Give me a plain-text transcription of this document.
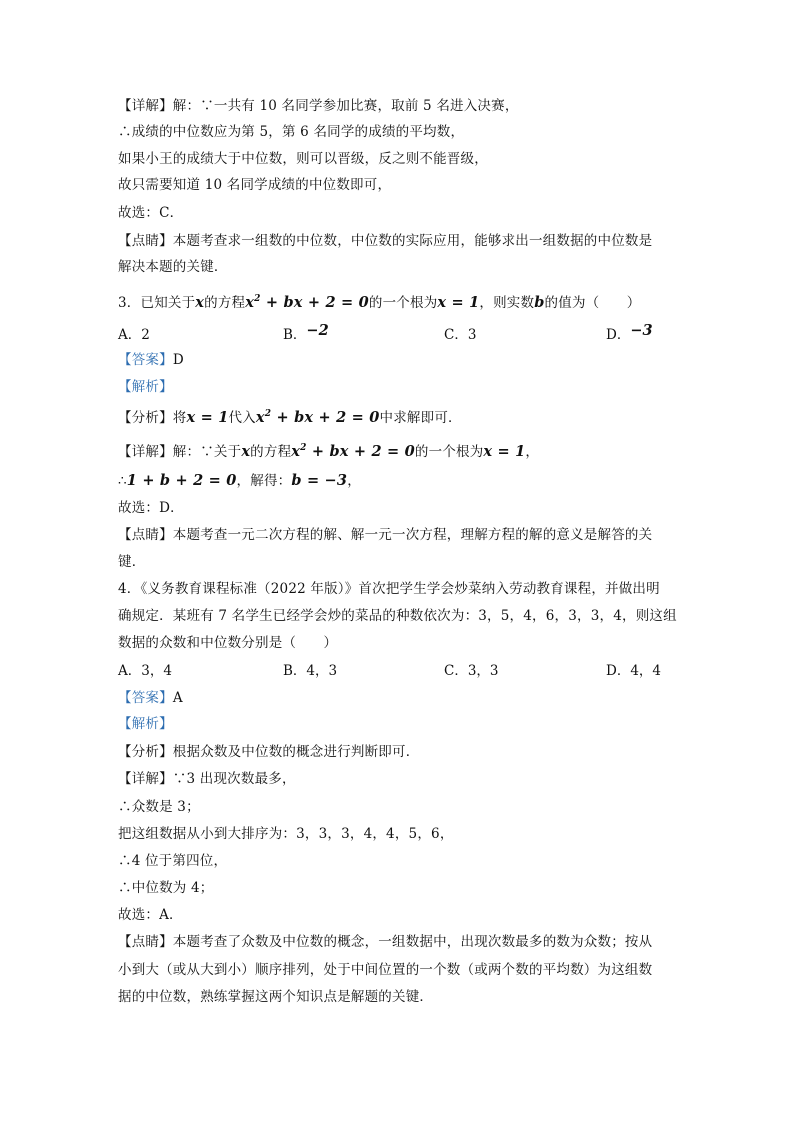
【详解】解：∵一共有 10 名同学参加比赛，取前 5 名进入决赛，
∴成绩的中位数应为第 5，第 6 名同学的成绩的平均数，
如果小王的成绩大于中位数，则可以晋级，反之则不能晋级，
故只需要知道 10 名同学成绩的中位数即可，
故选：C．
【点睛】本题考查求一组数的中位数，中位数的实际应用，能够求出一组数据的中位数是
解决本题的关键．
3．已知关于x的方程$x^2$ + bx + 2 = 0的一个根为x = 1，则实数b的值为（　　）
A．2	B．−2	C．3	D．−3
【答案】D
【解析】
【分析】将x = 1代入$x^2$ + bx + 2 = 0中求解即可．
【详解】解：∵关于x的方程$x^2$ + bx + 2 = 0的一个根为x = 1，
∴1 + b + 2 = 0，解得：b = −3，
故选：D．
【点睛】本题考查一元二次方程的解、解一元一次方程，理解方程的解的意义是解答的关
键．
4．《义务教育课程标准（2022 年版）》首次把学生学会炒菜纳入劳动教育课程，并做出明
确规定．某班有 7 名学生已经学会炒的菜品的种数依次为：3，5，4，6，3，3，4，则这组
数据的众数和中位数分别是（　　）
A．3，4	B．4，3	C．3，3	D．4，4
【答案】A
【解析】
【分析】根据众数及中位数的概念进行判断即可．
【详解】∵3 出现次数最多，
∴众数是 3；
把这组数据从小到大排序为：3，3，3，4，4，5，6，
∴4 位于第四位，
∴中位数为 4；
故选：A．
【点睛】本题考查了众数及中位数的概念，一组数据中，出现次数最多的数为众数；按从
小到大（或从大到小）顺序排列，处于中间位置的一个数（或两个数的平均数）为这组数
据的中位数，熟练掌握这两个知识点是解题的关键．
